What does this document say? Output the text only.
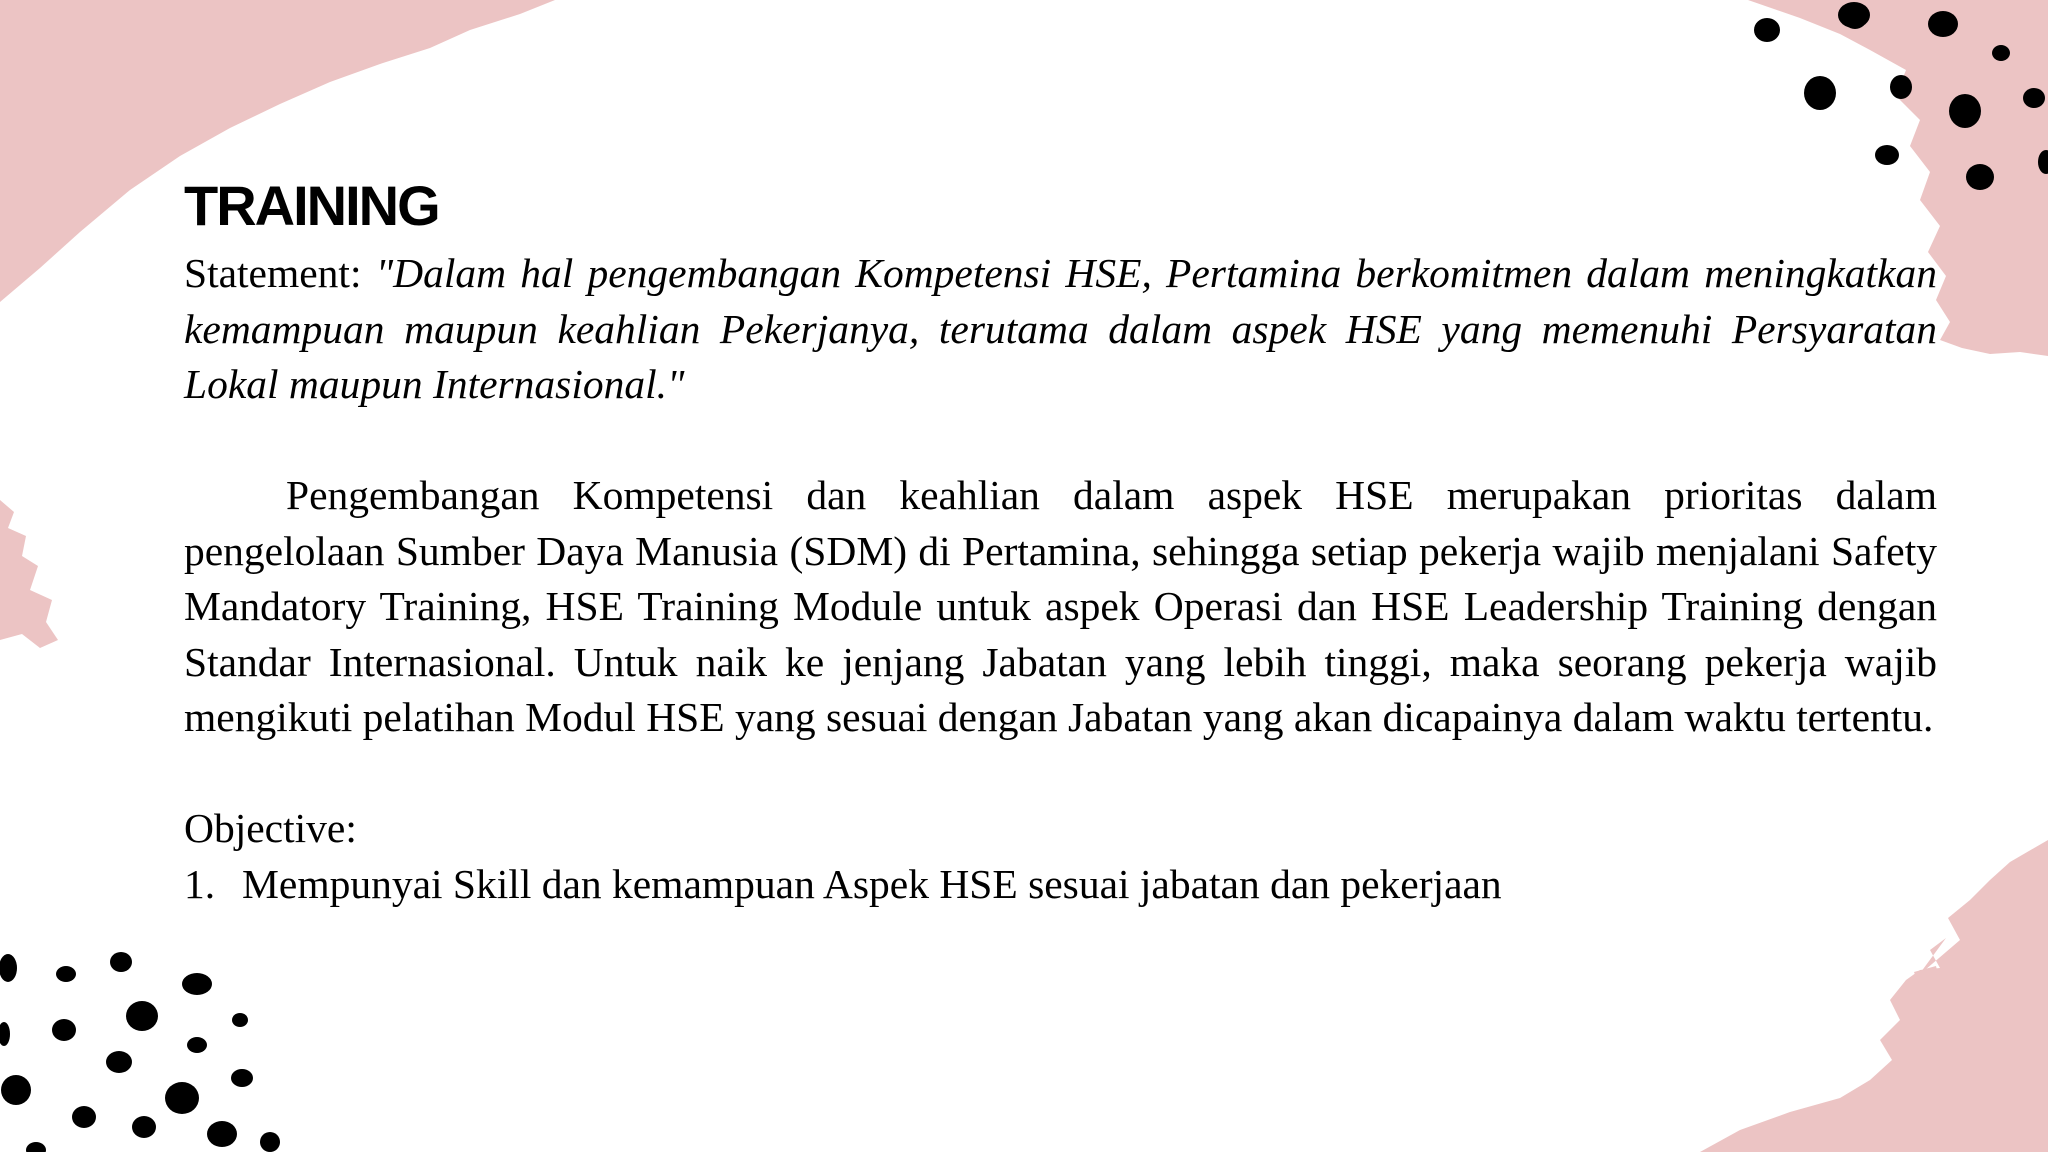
TRAINING

Statement: "Dalam hal pengembangan Kompetensi HSE, Pertamina berkomitmen dalam meningkatkan kemampuan maupun keahlian Pekerjanya, terutama dalam aspek HSE yang memenuhi Persyaratan Lokal maupun Internasional."

Pengembangan Kompetensi dan keahlian dalam aspek HSE merupakan prioritas dalam pengelolaan Sumber Daya Manusia (SDM) di Pertamina, sehingga setiap pekerja wajib menjalani Safety Mandatory Training, HSE Training Module untuk aspek Operasi dan HSE Leadership Training dengan Standar Internasional. Untuk naik ke jenjang Jabatan yang lebih tinggi, maka seorang pekerja wajib mengikuti pelatihan Modul HSE yang sesuai dengan Jabatan yang akan dicapainya dalam waktu tertentu.

Objective:

1. Mempunyai Skill dan kemampuan Aspek HSE sesuai jabatan dan pekerjaan
